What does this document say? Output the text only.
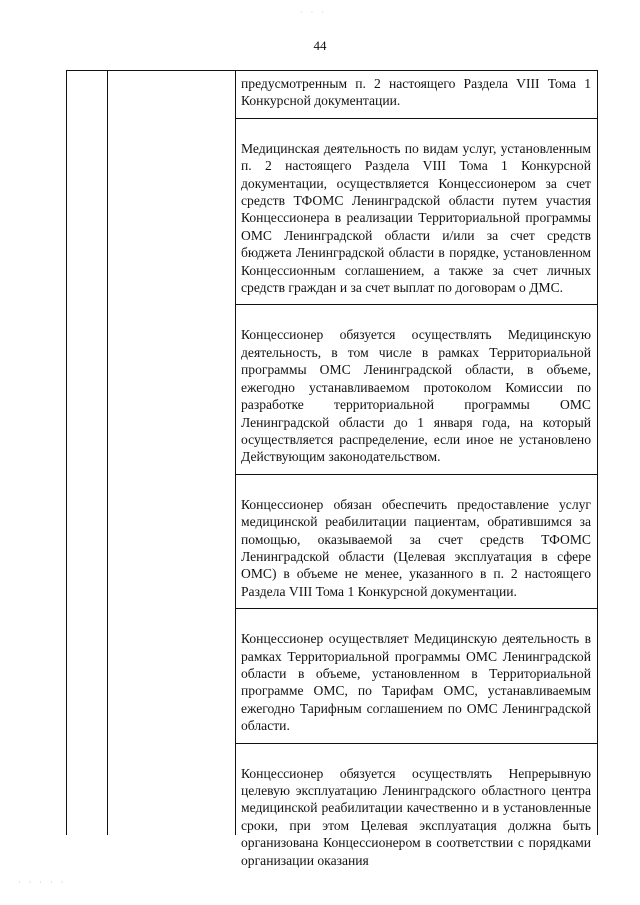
· · ·
· · · · ·
44

предусмотренным п. 2 настоящего Раздела VIII Тома 1 Конкурсной документации.

Медицинская деятельность по видам услуг, установленным п. 2 настоящего Раздела VIII Тома 1 Конкурсной документации, осуществляется Концессионером за счет средств ТФОМС Ленинградской области путем участия Концессионера в реализации Территориальной программы ОМС Ленинградской области и/или за счет средств бюджета Ленинградской области в порядке, установленном Концессионным соглашением, а также за счет личных средств граждан и за счет выплат по договорам о ДМС.

Концессионер обязуется осуществлять Медицинскую деятельность, в том числе в рамках Территориальной программы ОМС Ленинградской области, в объеме, ежегодно устанавливаемом протоколом Комиссии по разработке территориальной программы ОМС Ленинградской области до 1 января года, на который осуществляется распределение, если иное не установлено Действующим законодательством.

Концессионер обязан обеспечить предоставление услуг медицинской реабилитации пациентам, обратившимся за помощью, оказываемой за счет средств ТФОМС Ленинградской области (Целевая эксплуатация в сфере ОМС) в объеме не менее, указанного в п. 2 настоящего Раздела VIII Тома 1 Конкурсной документации.

Концессионер осуществляет Медицинскую деятельность в рамках Территориальной программы ОМС Ленинградской области в объеме, установленном в Территориальной программе ОМС, по Тарифам ОМС, устанавливаемым ежегодно Тарифным соглашением по ОМС Ленинградской области.

Концессионер обязуется осуществлять Непрерывную целевую эксплуатацию Ленинградского областного центра медицинской реабилитации качественно и в установленные сроки, при этом Целевая эксплуатация должна быть организована Концессионером в соответствии с порядками организации оказания
